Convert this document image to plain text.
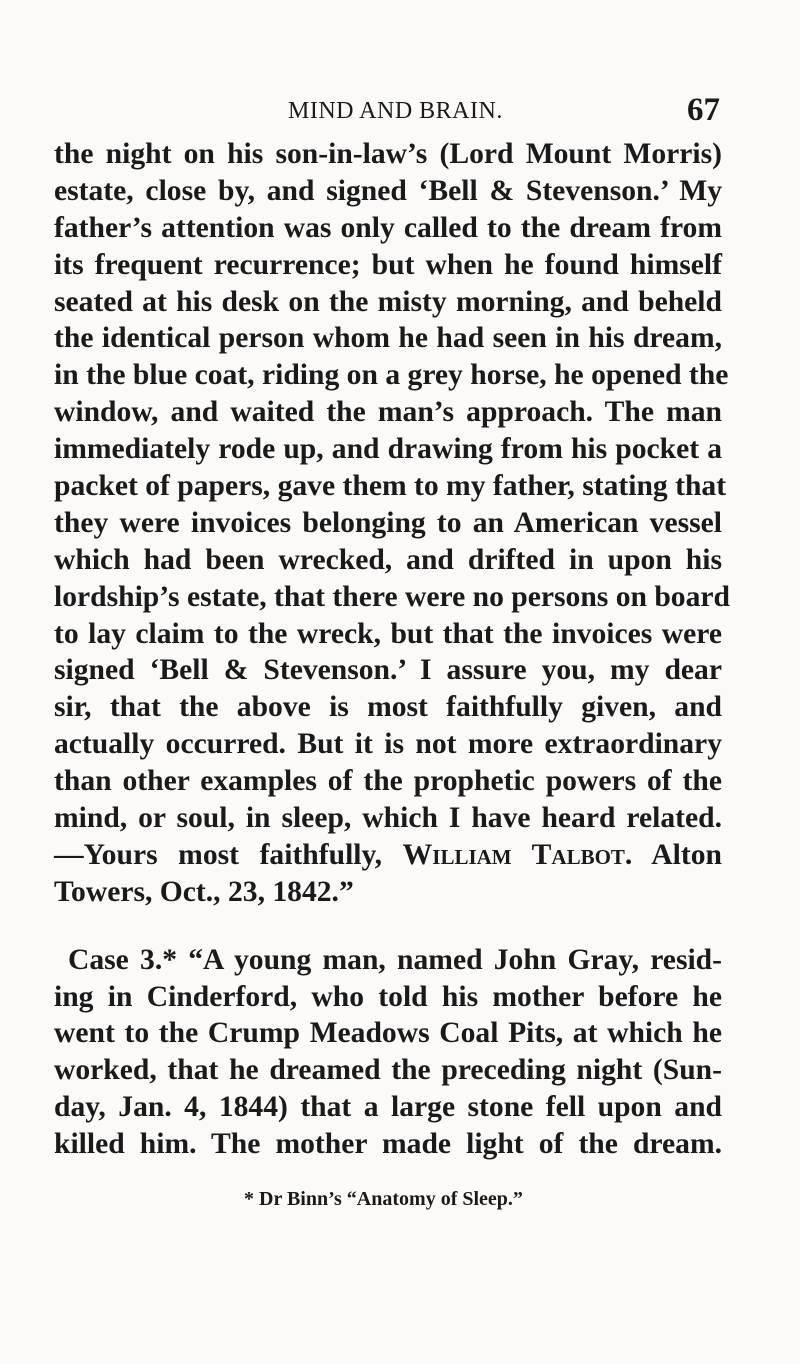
MIND AND BRAIN.	67
the night on his son-in-law’s (Lord Mount Morris)
estate, close by, and signed ‘Bell & Stevenson.’ My
father’s attention was only called to the dream from
its frequent recurrence; but when he found himself
seated at his desk on the misty morning, and beheld
the identical person whom he had seen in his dream,
in the blue coat, riding on a grey horse, he opened the
window, and waited the man’s approach. The man
immediately rode up, and drawing from his pocket a
packet of papers, gave them to my father, stating that
they were invoices belonging to an American vessel
which had been wrecked, and drifted in upon his
lordship’s estate, that there were no persons on board
to lay claim to the wreck, but that the invoices were
signed ‘Bell & Stevenson.’ I assure you, my dear
sir, that the above is most faithfully given, and
actually occurred. But it is not more extraordinary
than other examples of the prophetic powers of the
mind, or soul, in sleep, which I have heard related.
—Yours most faithfully, William Talbot. Alton
Towers, Oct., 23, 1842.”
Case 3.* “A young man, named John Gray, resid-
ing in Cinderford, who told his mother before he
went to the Crump Meadows Coal Pits, at which he
worked, that he dreamed the preceding night (Sun-
day, Jan. 4, 1844) that a large stone fell upon and
killed him. The mother made light of the dream.
* Dr Binn’s “Anatomy of Sleep.”
